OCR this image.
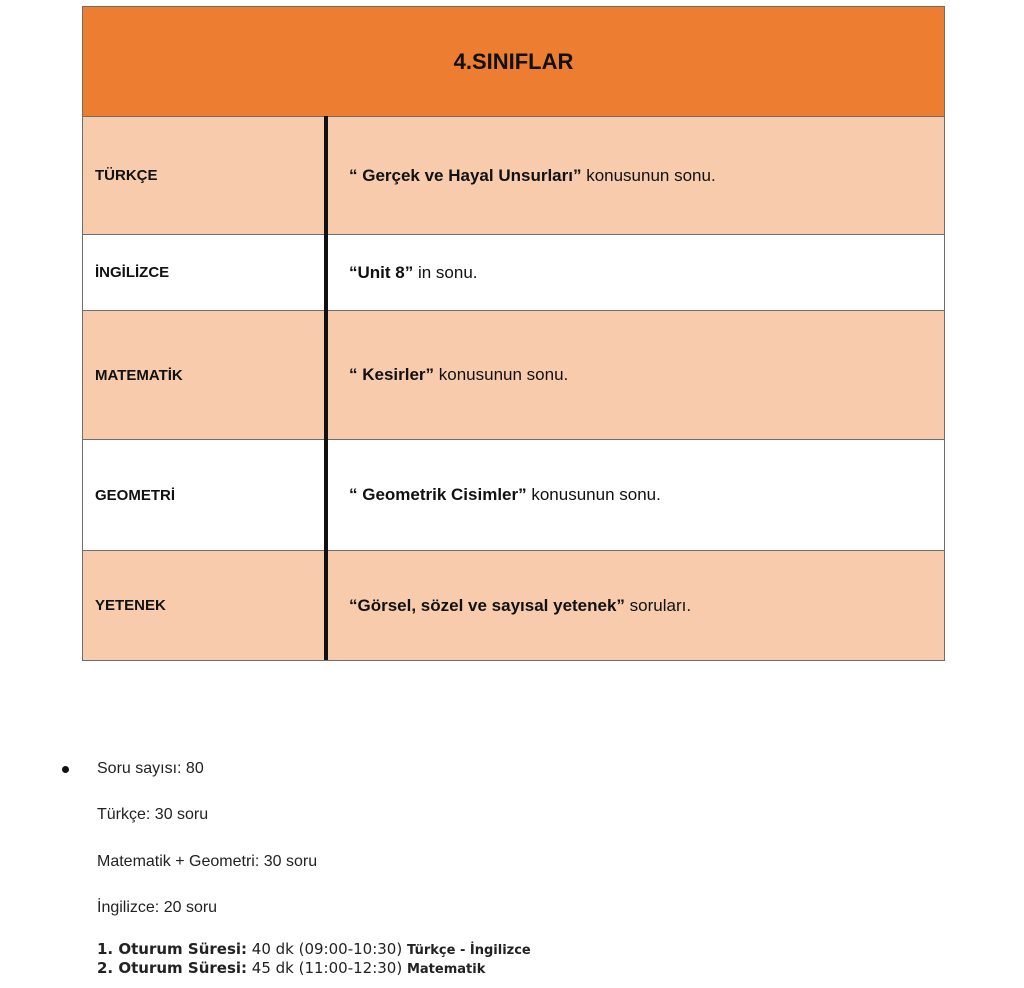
4.SINIFLAR
TÜRKÇE	“ Gerçek ve Hayal Unsurları” konusunun sonu.
İNGİLİZCE	“Unit 8” in sonu.
MATEMATİK	“ Kesirler” konusunun sonu.
GEOMETRİ	“ Geometrik Cisimler” konusunun sonu.
YETENEK	“Görsel, sözel ve sayısal yetenek” soruları.
Soru sayısı: 80
Türkçe: 30 soru
Matematik + Geometri: 30 soru
İngilizce: 20 soru
1. Oturum Süresi: 40 dk (09:00-10:30) Türkçe - İngilizce
2. Oturum Süresi: 45 dk (11:00-12:30) Matematik
